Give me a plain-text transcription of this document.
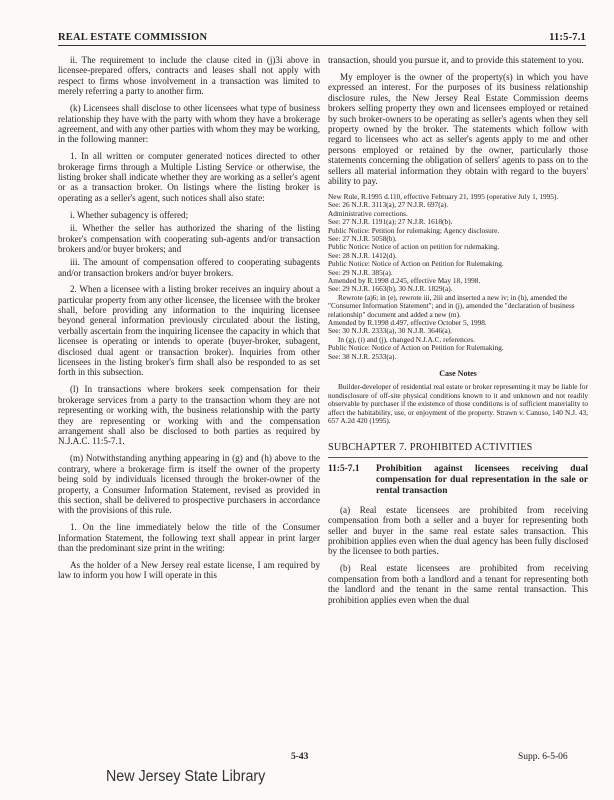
REAL ESTATE COMMISSION	11:5-7.1

ii. The requirement to include the clause cited in (j)3i above in licensee-prepared offers, contracts and leases shall not apply with respect to firms whose involvement in a transaction was limited to merely referring a party to another firm.

(k) Licensees shall disclose to other licensees what type of business relationship they have with the party with whom they have a brokerage agreement, and with any other parties with whom they may be working, in the following manner:

1. In all written or computer generated notices directed to other brokerage firms through a Multiple Listing Service or otherwise, the listing broker shall indicate whether they are working as a seller's agent or as a transaction broker. On listings where the listing broker is operating as a seller's agent, such notices shall also state:

i. Whether subagency is offered;
ii. Whether the seller has authorized the sharing of the listing broker's compensation with cooperating sub-agents and/or transaction brokers and/or buyer brokers; and
iii. The amount of compensation offered to cooperating subagents and/or transaction brokers and/or buyer brokers.

2. When a licensee with a listing broker receives an inquiry about a particular property from any other licensee, the licensee with the broker shall, before providing any information to the inquiring licensee beyond general information previously circulated about the listing, verbally ascertain from the inquiring licensee the capacity in which that licensee is operating or intends to operate (buyer-broker, subagent, disclosed dual agent or transaction broker). Inquiries from other licensees in the listing broker's firm shall also be responded to as set forth in this subsection.

(l) In transactions where brokers seek compensation for their brokerage services from a party to the transaction whom they are not representing or working with, the business relationship with the party they are representing or working with and the compensation arrangement shall also be disclosed to both parties as required by N.J.A.C. 11:5-7.1.

(m) Notwithstanding anything appearing in (g) and (h) above to the contrary, where a brokerage firm is itself the owner of the property being sold by individuals licensed through the broker-owner of the property, a Consumer Information Statement, revised as provided in this section, shall be delivered to prospective purchasers in accordance with the provisions of this rule.

1. On the line immediately below the title of the Consumer Information Statement, the following text shall appear in print larger than the predominant size print in the writing:

As the holder of a New Jersey real estate license, I am required by law to inform you how I will operate in this

transaction, should you pursue it, and to provide this statement to you.

My employer is the owner of the property(s) in which you have expressed an interest. For the purposes of its business relationship disclosure rules, the New Jersey Real Estate Commission deems brokers selling property they own and licensees employed or retained by such broker-owners to be operating as seller's agents when they sell property owned by the broker. The statements which follow with regard to licensees who act as seller's agents apply to me and other persons employed or retained by the owner, particularly those statements concerning the obligation of sellers' agents to pass on to the sellers all material information they obtain with regard to the buyers' ability to pay.

New Rule, R.1995 d.110, effective February 21, 1995 (operative July 1, 1995).
See: 26 N.J.R. 3113(a), 27 N.J.R. 697(a).
Administrative corrections.
See: 27 N.J.R. 1191(a); 27 N.J.R. 1618(b).
Public Notice: Petition for rulemaking; Agency disclosure.
See: 27 N.J.R. 5058(b).
Public Notice: Notice of action on petition for rulemaking.
See: 28 N.J.R. 1412(d).
Public Notice: Notice of Action on Petition for Rulemaking.
See: 29 N.J.R. 385(a).
Amended by R.1998 d.245, effective May 18, 1998.
See: 29 N.J.R. 1663(b), 30 N.J.R. 1829(a).
Rewrote (a)6; in (e), rewrote iii, 2iii and inserted a new iv; in (h), amended the "Consumer Information Statement"; and in (j), amended the "declaration of business relationship" document and added a new (m).
Amended by R.1998 d.497, effective October 5, 1998.
See: 30 N.J.R. 2333(a), 30 N.J.R. 3646(a).
In (g), (i) and (j), changed N.J.A.C. references.
Public Notice: Notice of Action on Petition for Rulemaking.
See: 38 N.J.R. 2533(a).
Case Notes
Builder-developer of residential real estate or broker representing it may be liable for nondisclosure of off-site physical conditions known to it and unknown and not readily observable by purchaser if the existence of those conditions is of sufficient materiality to affect the habitability, use, or enjoyment of the property. Strawn v. Canuso, 140 N.J. 43, 657 A.2d 420 (1995).
SUBCHAPTER 7. PROHIBITED ACTIVITIES
11:5-7.1	Prohibition against licensees receiving dual compensation for dual representation in the sale or rental transaction

(a) Real estate licensees are prohibited from receiving compensation from both a seller and a buyer for representing both seller and buyer in the same real estate sales transaction. This prohibition applies even when the dual agency has been fully disclosed by the licensee to both parties.

(b) Real estate licensees are prohibited from receiving compensation from both a landlord and a tenant for representing both the landlord and the tenant in the same rental transaction. This prohibition applies even when the dual

New Jersey State Library
5-43	Supp. 6-5-06
